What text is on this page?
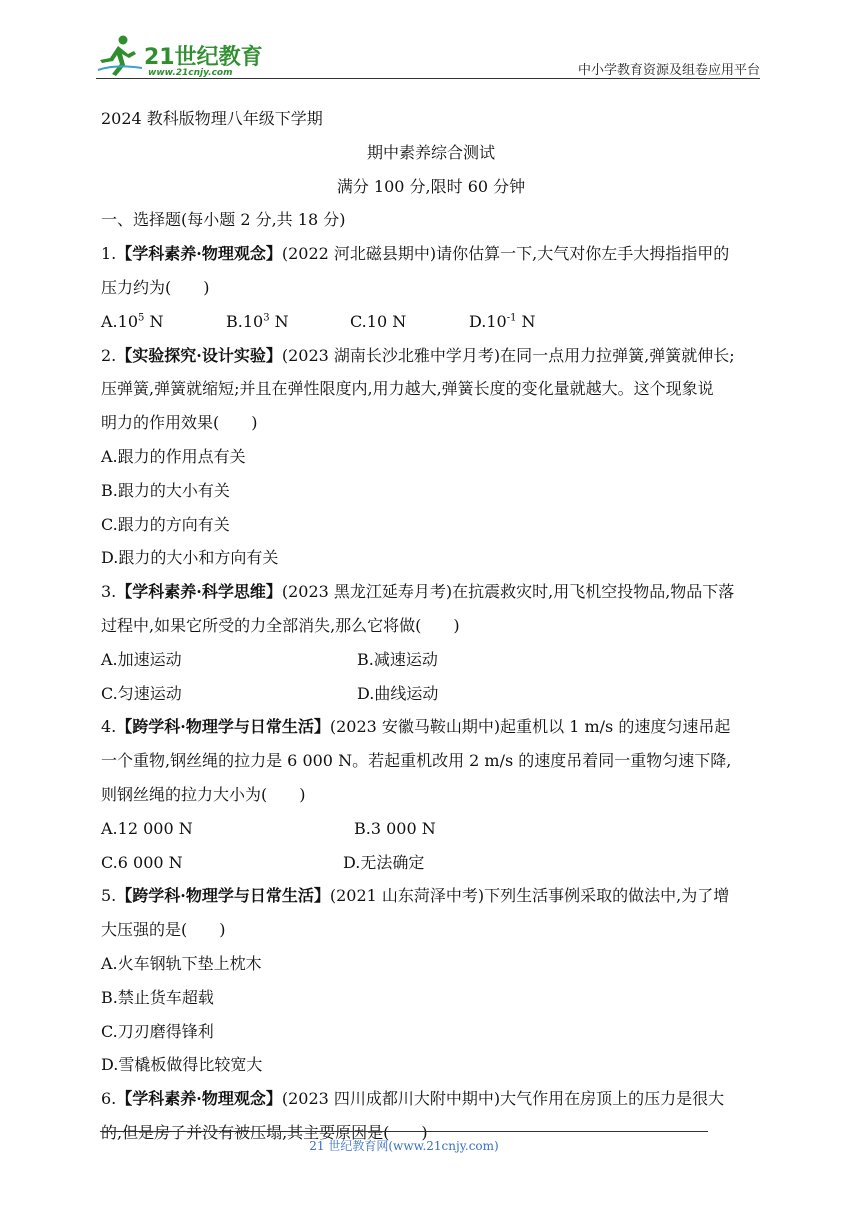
21世纪教育
www.21cnjy.com	中小学教育资源及组卷应用平台
2024 教科版物理八年级下学期
期中素养综合测试
满分 100 分,限时 60 分钟
一、选择题(每小题 2 分,共 18 分)
1.【学科素养·物理观念】(2022 河北磁县期中)请你估算一下,大气对你左手大拇指指甲的
压力约为(　　)
$A.10^5$ N	$B.10^3$ N	C.10 N	$D.10^{-1}$ N
2.【实验探究·设计实验】(2023 湖南长沙北雅中学月考)在同一点用力拉弹簧,弹簧就伸长;
压弹簧,弹簧就缩短;并且在弹性限度内,用力越大,弹簧长度的变化量就越大。这个现象说
明力的作用效果(　　)
A.跟力的作用点有关
B.跟力的大小有关
C.跟力的方向有关
D.跟力的大小和方向有关
3.【学科素养·科学思维】(2023 黑龙江延寿月考)在抗震救灾时,用飞机空投物品,物品下落
过程中,如果它所受的力全部消失,那么它将做(　　)
A.加速运动	B.减速运动
C.匀速运动	D.曲线运动
4.【跨学科·物理学与日常生活】(2023 安徽马鞍山期中)起重机以 1 m/s 的速度匀速吊起
一个重物,钢丝绳的拉力是 6 000 N。若起重机改用 2 m/s 的速度吊着同一重物匀速下降,
则钢丝绳的拉力大小为(　　)
A.12 000 N	B.3 000 N
C.6 000 N	D.无法确定
5.【跨学科·物理学与日常生活】(2021 山东菏泽中考)下列生活事例采取的做法中,为了增
大压强的是(　　)
A.火车钢轨下垫上枕木
B.禁止货车超载
C.刀刃磨得锋利
D.雪橇板做得比较宽大
6.【学科素养·物理观念】(2023 四川成都川大附中期中)大气作用在房顶上的压力是很大
的,但是房子并没有被压塌,其主要原因是(　　)
21 世纪教育网(www.21cnjy.com)
